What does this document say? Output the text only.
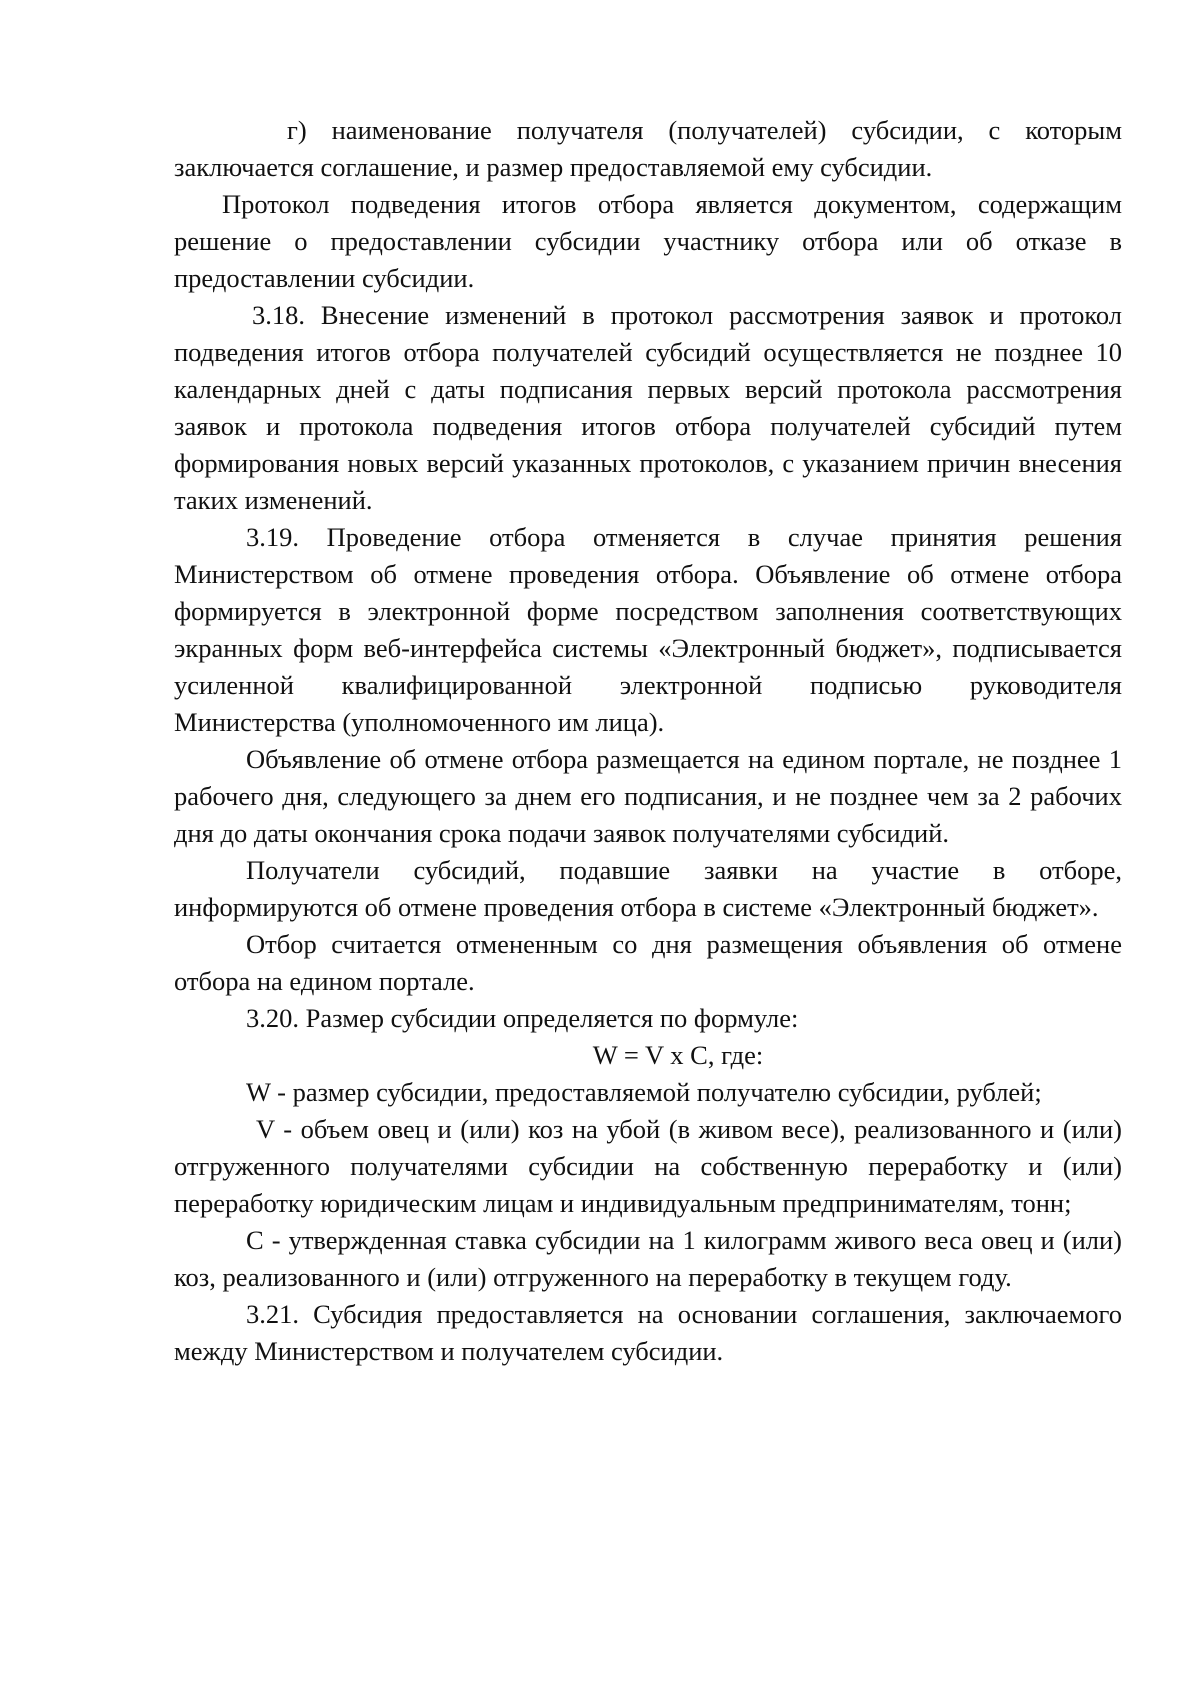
г) наименование получателя (получателей) субсидии, с которым заключается соглашение, и размер предоставляемой ему субсидии.

Протокол подведения итогов отбора является документом, содержащим решение о предоставлении субсидии участнику отбора или об отказе в предоставлении субсидии.

3.18. Внесение изменений в протокол рассмотрения заявок и протокол подведения итогов отбора получателей субсидий осуществляется не позднее 10 календарных дней с даты подписания первых версий протокола рассмотрения заявок и протокола подведения итогов отбора получателей субсидий путем формирования новых версий указанных протоколов, с указанием причин внесения таких изменений.

3.19. Проведение отбора отменяется в случае принятия решения Министерством об отмене проведения отбора. Объявление об отмене отбора формируется в электронной форме посредством заполнения соответствующих экранных форм веб-интерфейса системы «Электронный бюджет», подписывается усиленной квалифицированной электронной подписью руководителя Министерства (уполномоченного им лица).

Объявление об отмене отбора размещается на едином портале, не позднее 1 рабочего дня, следующего за днем его подписания, и не позднее чем за 2 рабочих дня до даты окончания срока подачи заявок получателями субсидий.

Получатели субсидий, подавшие заявки на участие в отборе, информируются об отмене проведения отбора в системе «Электронный бюджет».

Отбор считается отмененным со дня размещения объявления об отмене отбора на едином портале.

3.20. Размер субсидии определяется по формуле:

W = V x C, где:

W - размер субсидии, предоставляемой получателю субсидии, рублей;

V - объем овец и (или) коз на убой (в живом весе), реализованного и (или) отгруженного получателями субсидии на собственную переработку и (или) переработку юридическим лицам и индивидуальным предпринимателям, тонн;

C - утвержденная ставка субсидии на 1 килограмм живого веса овец и (или) коз, реализованного и (или) отгруженного на переработку в текущем году.

3.21. Субсидия предоставляется на основании соглашения, заключаемого между Министерством и получателем субсидии.
